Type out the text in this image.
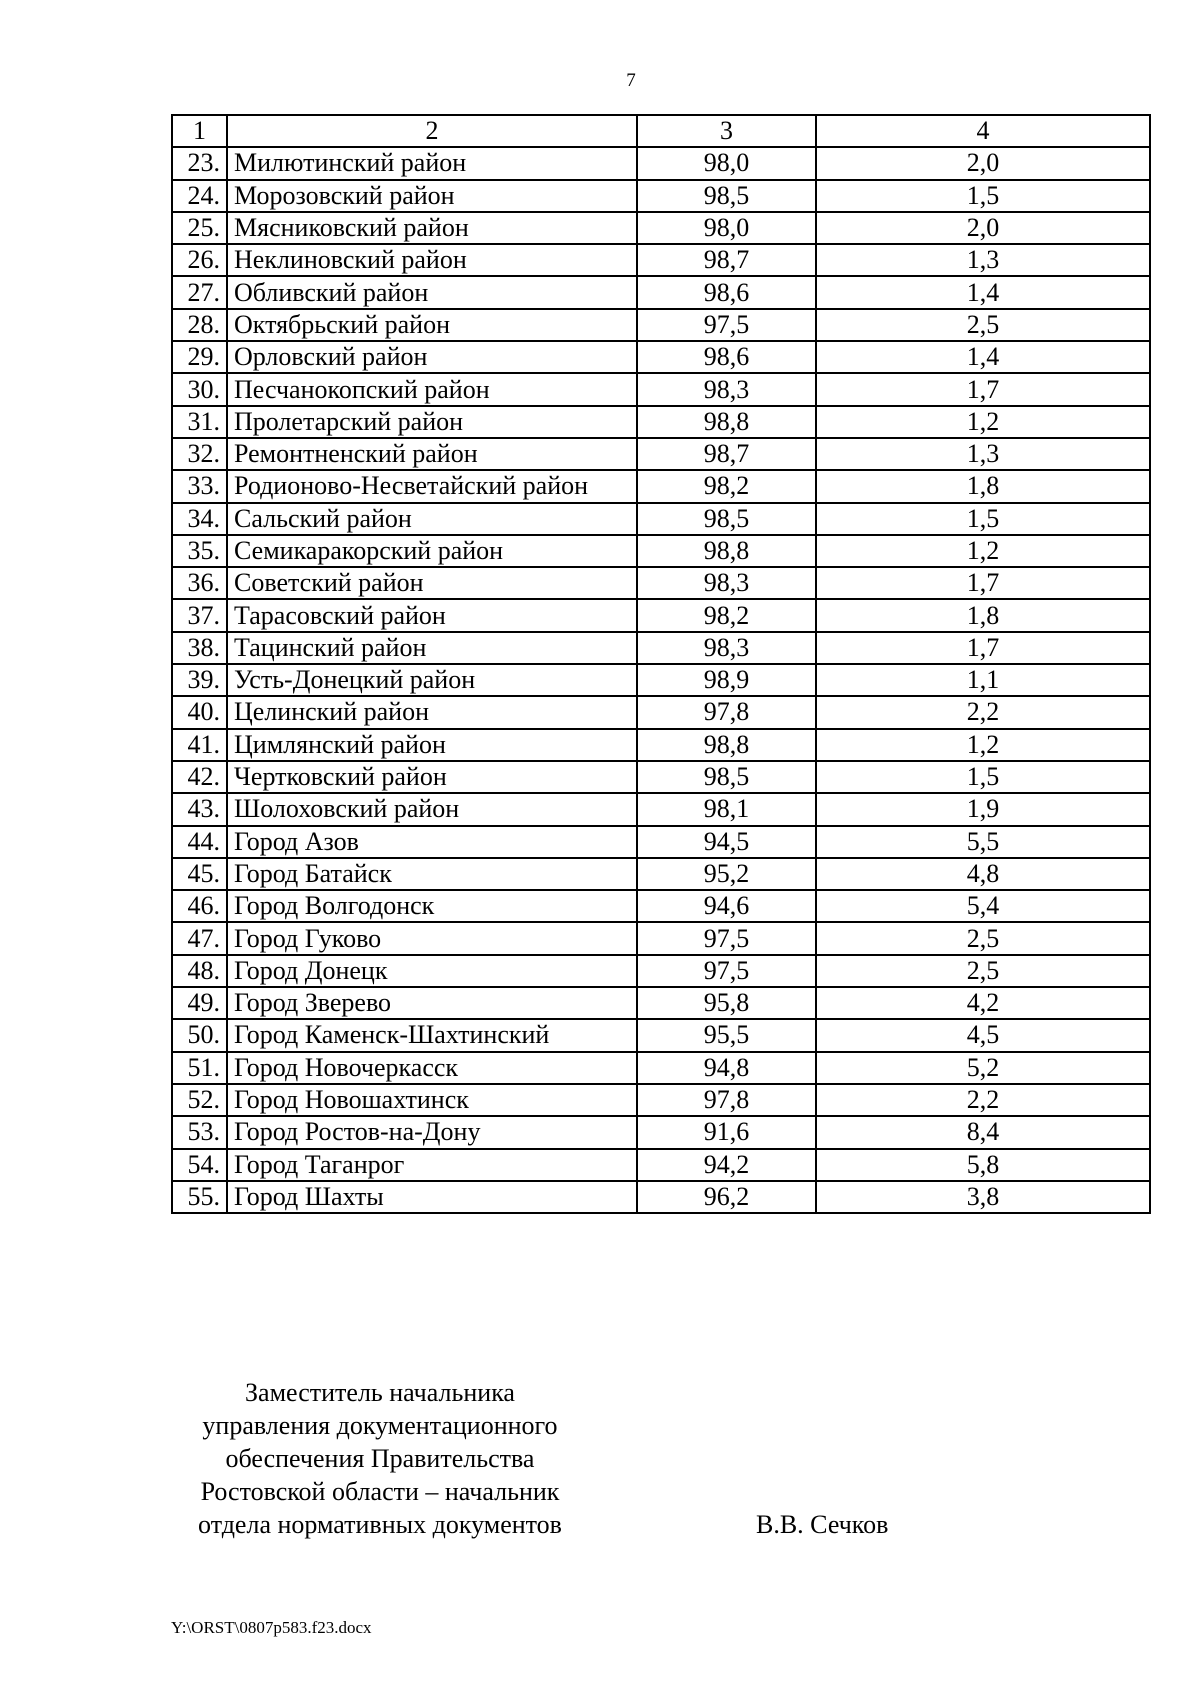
7
1	2	3	4
23.	Милютинский район	98,0	2,0
24.	Морозовский район	98,5	1,5
25.	Мясниковский район	98,0	2,0
26.	Неклиновский район	98,7	1,3
27.	Обливский район	98,6	1,4
28.	Октябрьский район	97,5	2,5
29.	Орловский район	98,6	1,4
30.	Песчанокопский район	98,3	1,7
31.	Пролетарский район	98,8	1,2
32.	Ремонтненский район	98,7	1,3
33.	Родионово-Несветайский район	98,2	1,8
34.	Сальский район	98,5	1,5
35.	Семикаракорский район	98,8	1,2
36.	Советский район	98,3	1,7
37.	Тарасовский район	98,2	1,8
38.	Тацинский район	98,3	1,7
39.	Усть-Донецкий район	98,9	1,1
40.	Целинский район	97,8	2,2
41.	Цимлянский район	98,8	1,2
42.	Чертковский район	98,5	1,5
43.	Шолоховский район	98,1	1,9
44.	Город Азов	94,5	5,5
45.	Город Батайск	95,2	4,8
46.	Город Волгодонск	94,6	5,4
47.	Город Гуково	97,5	2,5
48.	Город Донецк	97,5	2,5
49.	Город Зверево	95,8	4,2
50.	Город Каменск-Шахтинский	95,5	4,5
51.	Город Новочеркасск	94,8	5,2
52.	Город Новошахтинск	97,8	2,2
53.	Город Ростов-на-Дону	91,6	8,4
54.	Город Таганрог	94,2	5,8
55.	Город Шахты	96,2	3,8
Заместитель начальника
управления документационного
обеспечения Правительства
Ростовской области – начальник
отдела нормативных документов	В.В. Сечков
Y:\ORST\0807p583.f23.docx
